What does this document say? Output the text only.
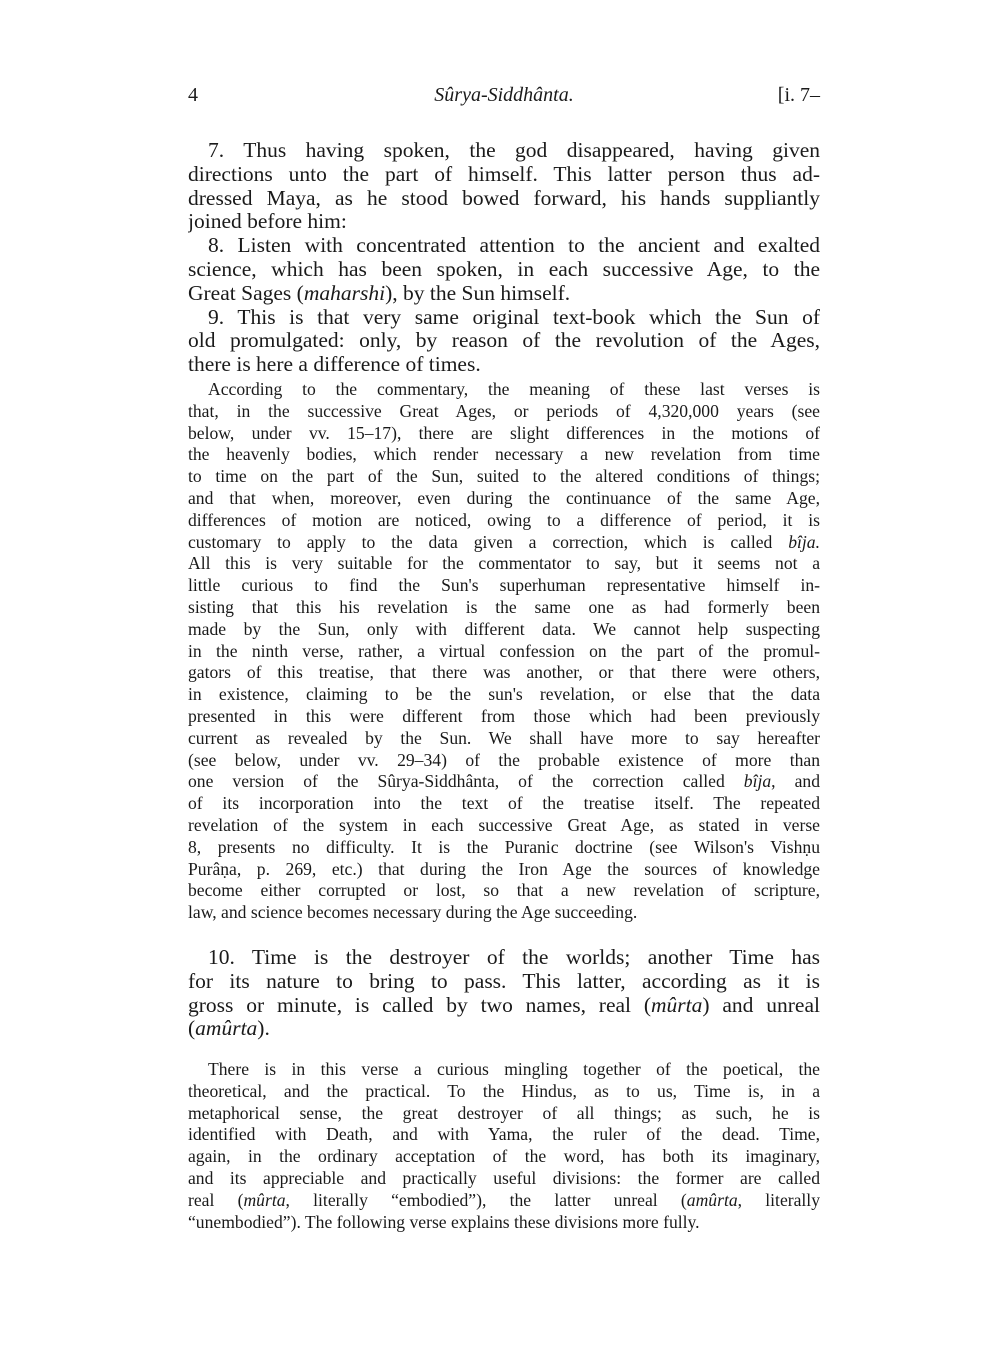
4	Sûrya-Siddhânta.	[i. 7–
7. Thus having spoken, the god disappeared, having given
directions unto the part of himself. This latter person thus ad-
dressed Maya, as he stood bowed forward, his hands suppliantly
joined before him:
8. Listen with concentrated attention to the ancient and exalted
science, which has been spoken, in each successive Age, to the
Great Sages (maharshi), by the Sun himself.
9. This is that very same original text-book which the Sun of
old promulgated: only, by reason of the revolution of the Ages,
there is here a difference of times.
According to the commentary, the meaning of these last verses is
that, in the successive Great Ages, or periods of 4,320,000 years (see
below, under vv. 15–17), there are slight differences in the motions of
the heavenly bodies, which render necessary a new revelation from time
to time on the part of the Sun, suited to the altered conditions of things;
and that when, moreover, even during the continuance of the same Age,
differences of motion are noticed, owing to a difference of period, it is
customary to apply to the data given a correction, which is called bîja.
All this is very suitable for the commentator to say, but it seems not a
little curious to find the Sun's superhuman representative himself in-
sisting that this his revelation is the same one as had formerly been
made by the Sun, only with different data. We cannot help suspecting
in the ninth verse, rather, a virtual confession on the part of the promul-
gators of this treatise, that there was another, or that there were others,
in existence, claiming to be the sun's revelation, or else that the data
presented in this were different from those which had been previously
current as revealed by the Sun. We shall have more to say hereafter
(see below, under vv. 29–34) of the probable existence of more than
one version of the Sûrya-Siddhânta, of the correction called bîja, and
of its incorporation into the text of the treatise itself. The repeated
revelation of the system in each successive Great Age, as stated in verse
8, presents no difficulty. It is the Puranic doctrine (see Wilson's Vishṇu
Purâṇa, p. 269, etc.) that during the Iron Age the sources of knowledge
become either corrupted or lost, so that a new revelation of scripture,
law, and science becomes necessary during the Age succeeding.
10. Time is the destroyer of the worlds; another Time has
for its nature to bring to pass. This latter, according as it is
gross or minute, is called by two names, real (mûrta) and unreal
(amûrta).
There is in this verse a curious mingling together of the poetical, the
theoretical, and the practical. To the Hindus, as to us, Time is, in a
metaphorical sense, the great destroyer of all things; as such, he is
identified with Death, and with Yama, the ruler of the dead. Time,
again, in the ordinary acceptation of the word, has both its imaginary,
and its appreciable and practically useful divisions: the former are called
real (mûrta, literally “embodied”), the latter unreal (amûrta, literally
“unembodied”). The following verse explains these divisions more fully.
